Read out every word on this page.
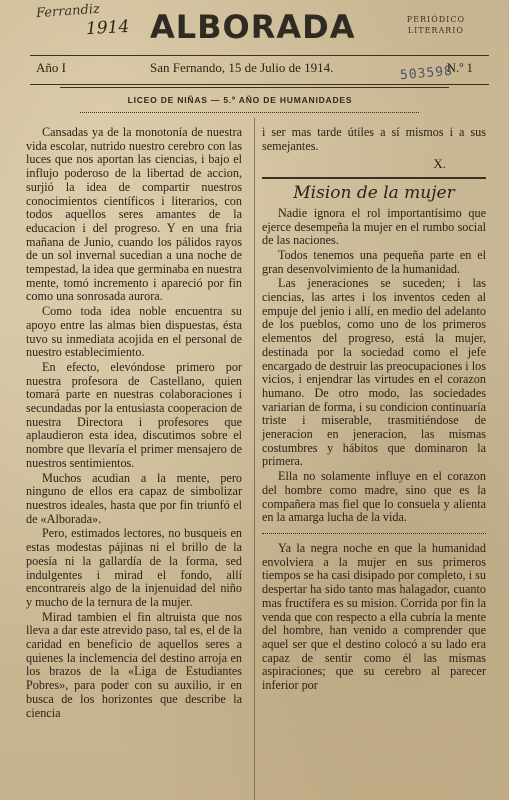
Ferrandiz
1914 ALBORADA	PERIÓDICO
LITERARIO
Año I	San Fernando, 15 de Julio de 1914.	N.º 1
503598
LICEO DE NIÑAS — 5.º AÑO DE HUMANIDADES

Cansadas ya de la monotonía de nuestra vida escolar, nutrido nuestro cerebro con las luces que nos aportan las ciencias, i bajo el influjo poderoso de la libertad de accion, surjió la idea de compartir nuestros conocimientos científicos i literarios, con todos aquellos seres amantes de la educacion i del progreso. Y en una fria mañana de Junio, cuando los pálidos rayos de un sol invernal sucedian a una noche de tempestad, la idea que germinaba en nuestra mente, tomó incremento i apareció por fin como una sonrosada aurora.

Como toda idea noble encuentra su apoyo entre las almas bien dispuestas, ésta tuvo su inmediata acojida en el personal de nuestro establecimiento.

En efecto, elevóndose primero por nuestra profesora de Castellano, quien tomará parte en nuestras colaboraciones i secundadas por la entusiasta cooperacion de nuestra Directora i profesores que aplaudieron esta idea, discutimos sobre el nombre que llevaría el primer mensajero de nuestros sentimientos.

Muchos acudian a la mente, pero ninguno de ellos era capaz de simbolizar nuestros ideales, hasta que por fin triunfó el de «Alborada».

Pero, estimados lectores, no busqueis en estas modestas pájinas ni el brillo de la poesía ni la gallardía de la forma, sed indulgentes i mirad el fondo, allí encontrareis algo de la injenuidad del niño y mucho de la ternura de la mujer.

Mirad tambien el fin altruista que nos lleva a dar este atrevido paso, tal es, el de la caridad en beneficio de aquellos seres a quienes la inclemencia del destino arroja en los brazos de la «Liga de Estudiantes Pobres», para poder con su auxilio, ir en busca de los horizontes que describe la ciencia

i ser mas tarde útiles a sí mismos i a sus semejantes.

X.
Mision de la mujer

Nadie ignora el rol importantísimo que ejerce desempeña la mujer en el rumbo social de las naciones.

Todos tenemos una pequeña parte en el gran desenvolvimiento de la humanidad.

Las jeneraciones se suceden; i las ciencias, las artes i los inventos ceden al empuje del jenio i allí, en medio del adelanto de los pueblos, como uno de los primeros elementos del progreso, está la mujer, destinada por la sociedad como el jefe encargado de destruir las preocupaciones i los vicios, i enjendrar las virtudes en el corazon humano. De otro modo, las sociedades variarian de forma, i su condicion continuaría triste i miserable, trasmitiéndose de jeneracion en jeneracion, las mismas costumbres y hábitos que dominaron la primera.

Ella no solamente influye en el corazon del hombre como madre, sino que es la compañera mas fiel que lo consuela y alienta en la amarga lucha de la vida.

Ya la negra noche en que la humanidad envolviera a la mujer en sus primeros tiempos se ha casi disipado por completo, i su despertar ha sido tanto mas halagador, cuanto mas fructífera es su mision. Corrida por fin la venda que con respecto a ella cubría la mente del hombre, han venido a comprender que aquel ser que el destino colocó a su lado era capaz de sentir como él las mismas aspiraciones; que su cerebro al parecer inferior por
